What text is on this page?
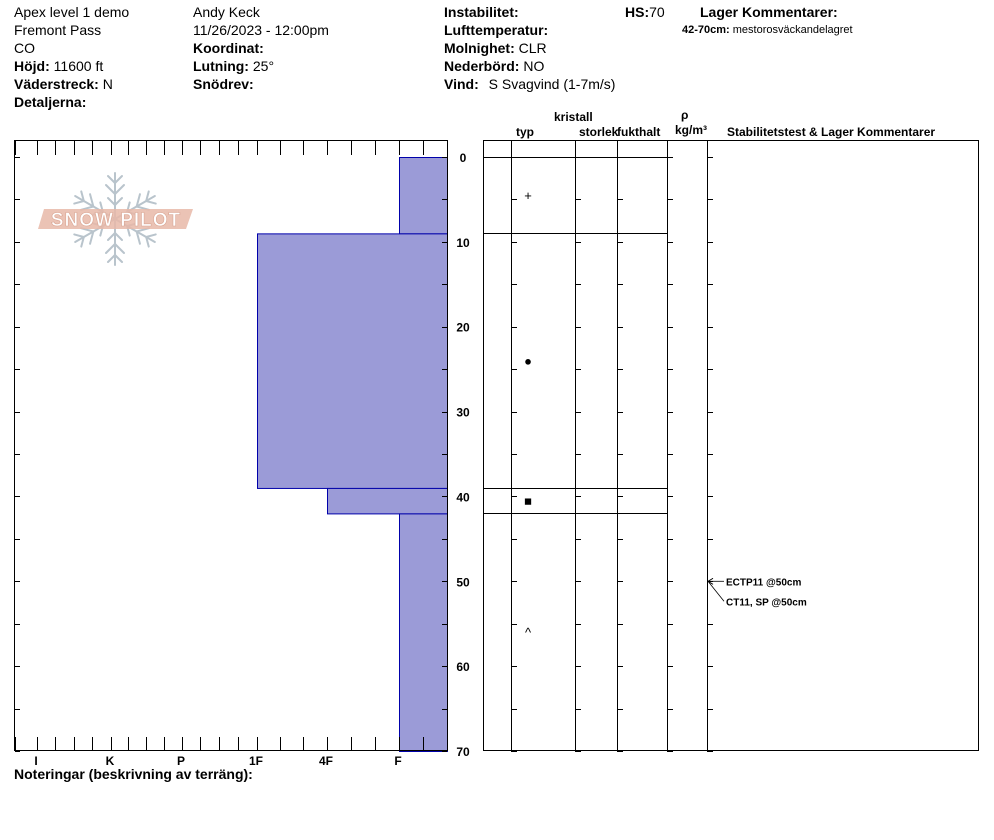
Apex level 1 demo
Fremont Pass
CO
Höjd: 11600 ft
Väderstreck: N
Detaljerna:
Andy Keck
11/26/2023 - 12:00pm
Koordinat:
Lutning: 25°
Snödrev:
Instabilitet:
Lufttemperatur:
Molnighet: CLR
Nederbörd: NO
Vind: S Svagvind (1-7m/s)
HS:70	Lager Kommentarer:
42-70cm: mestorosväckandelagret
kristall
typ	storlek
fukthalt
ρ
kg/m³ Stabilitetstest & Lager Kommentarer
Noteringar (beskrivning av terräng):
SNOW PILOT
I	K	P	1F	4F	F
0
10
20
30
40
50
60
70
+
●
■
^
ECTP11 @50cm
CT11, SP @50cm
